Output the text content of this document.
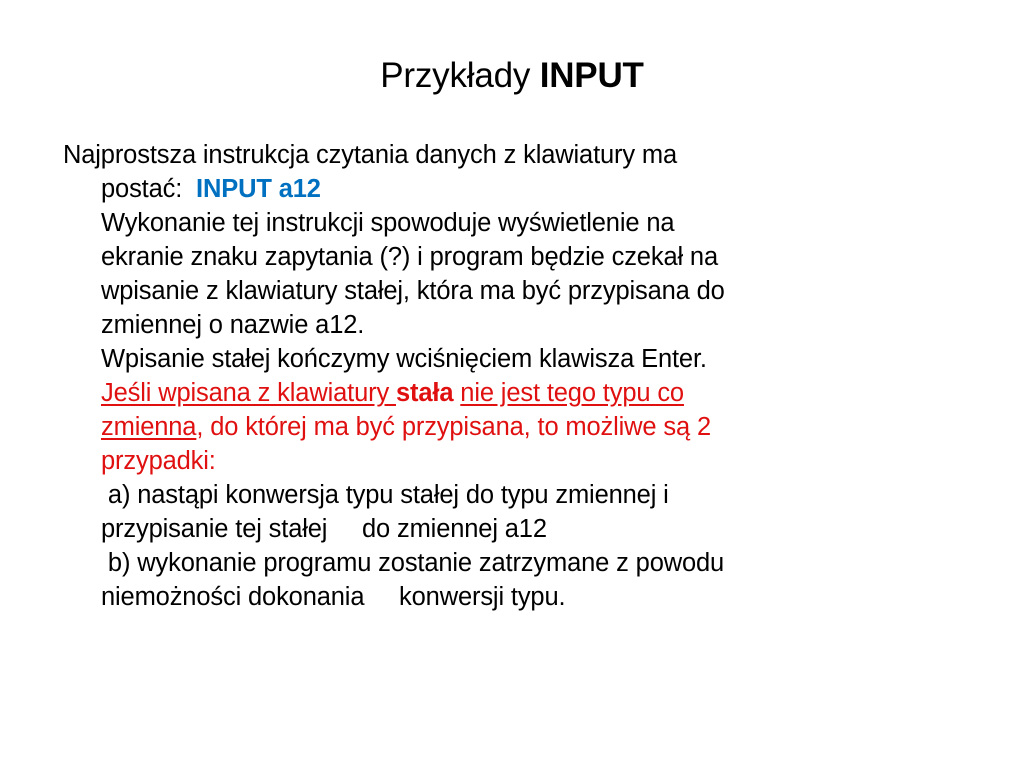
Przykłady INPUT
Najprostsza instrukcja czytania danych z klawiatury ma
postać:  INPUT a12
Wykonanie tej instrukcji spowoduje wyświetlenie na
ekranie znaku zapytania (?) i program będzie czekał na
wpisanie z klawiatury stałej, która ma być przypisana do
zmiennej o nazwie a12.
Wpisanie stałej kończymy wciśnięciem klawisza Enter.
Jeśli wpisana z klawiatury stała nie jest tego typu co
zmienna, do której ma być przypisana, to możliwe są 2
przypadki:
a) nastąpi konwersja typu stałej do typu zmiennej i
przypisanie tej stałej     do zmiennej a12
b) wykonanie programu zostanie zatrzymane z powodu
niemożności dokonania     konwersji typu.
